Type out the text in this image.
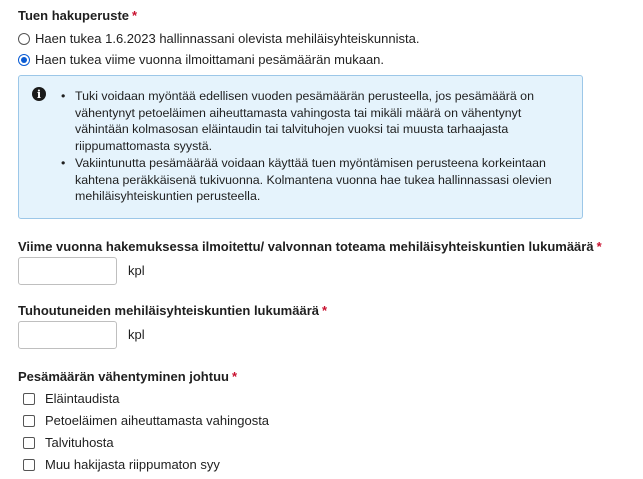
Tuen hakuperuste *
Haen tukea 1.6.2023 hallinnassani olevista mehiläisyhteiskunnista.
Haen tukea viime vuonna ilmoittamani pesämäärän mukaan.
i
•	Tuki voidaan myöntää edellisen vuoden pesämäärän perusteella, jos pesämäärä on vähentynyt petoeläimen aiheuttamasta vahingosta tai mikäli määrä on vähentynyt vähintään kolmasosan eläintaudin tai talvituhojen vuoksi tai muusta tarhaajasta riippumattomasta syystä.
• Vakiintunutta pesämäärää voidaan käyttää tuen myöntämisen perusteena korkeintaan kahtena peräkkäisenä tukivuonna. Kolmantena vuonna hae tukea hallinnassasi olevien mehiläisyhteiskuntien perusteella.
Viime vuonna hakemuksessa ilmoitettu/ valvonnan toteama mehiläisyhteiskuntien lukumäärä *
kpl
Tuhoutuneiden mehiläisyhteiskuntien lukumäärä *
kpl
Pesämäärän vähentyminen johtuu *
Eläintaudista
Petoeläimen aiheuttamasta vahingosta
Talvituhosta
Muu hakijasta riippumaton syy
